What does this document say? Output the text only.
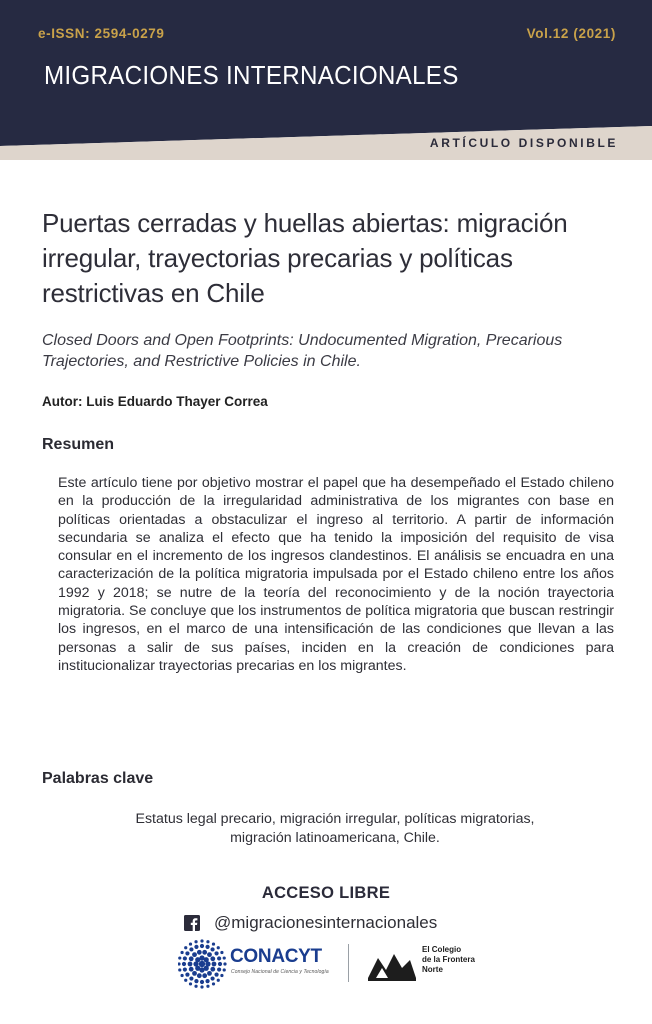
e-ISSN: 2594-0279	Vol.12 (2021)
MIGRACIONES INTERNACIONALES
ARTÍCULO DISPONIBLE
Puertas cerradas y huellas abiertas: migración irregular, trayectorias precarias y políticas restrictivas en Chile

Closed Doors and Open Footprints: Undocumented Migration, Precarious Trajectories, and Restrictive Policies in Chile.

Autor: Luis Eduardo Thayer Correa
Resumen

Este artículo tiene por objetivo mostrar el papel que ha desempeñado el Estado chileno en la producción de la irregularidad administrativa de los migrantes con base en políticas orientadas a obstaculizar el ingreso al territorio. A partir de información secundaria se analiza el efecto que ha tenido la imposición del requisito de visa consular en el incremento de los ingresos clandestinos. El análisis se encuadra en una caracterización de la política migratoria impulsada por el Estado chileno entre los años 1992 y 2018; se nutre de la teoría del reconocimiento y de la noción trayectoria migratoria. Se concluye que los instrumentos de política migratoria que buscan restringir los ingresos, en el marco de una intensificación de las condiciones que llevan a las personas a salir de sus países, inciden en la creación de condiciones para institucionalizar trayectorias precarias en los migrantes.

Palabras clave

Estatus legal precario, migración irregular, políticas migratorias,
migración latinoamericana, Chile.

ACCESO LIBRE
@migracionesinternacionales
CONACYT
Consejo Nacional de Ciencia y Tecnología
El Colegio
de la Frontera
Norte
